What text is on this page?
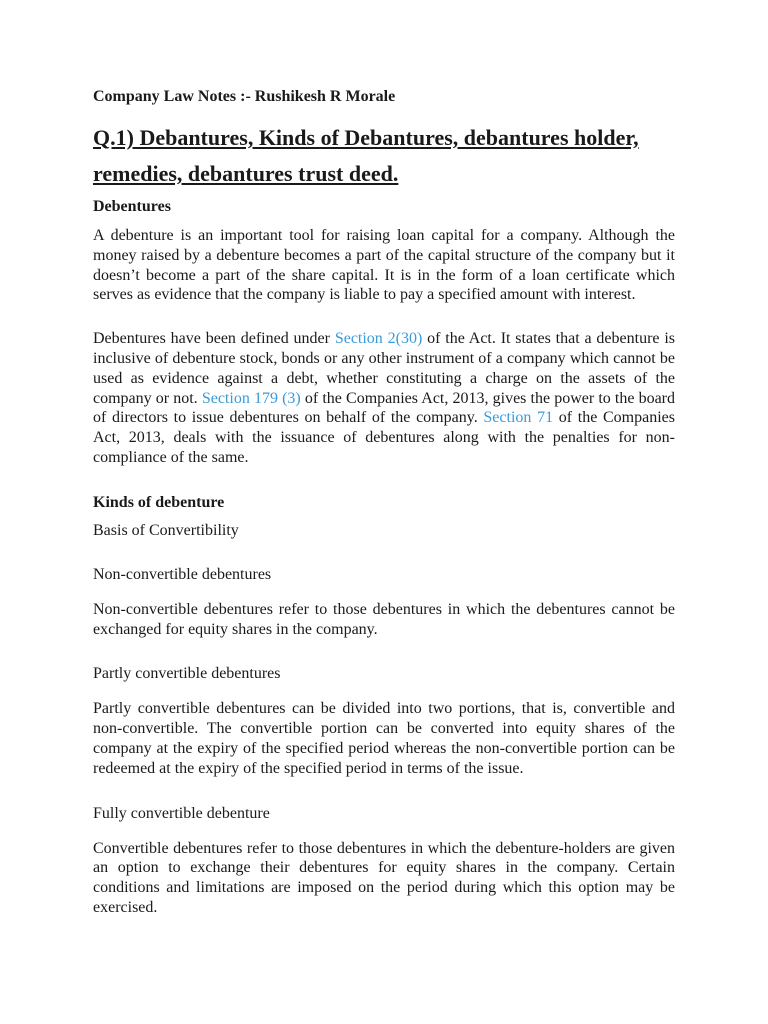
Company Law Notes :- Rushikesh R Morale
Q.1) Debantures, Kinds of Debantures, debantures holder,
remedies, debantures trust deed.
Debentures

A debenture is an important tool for raising loan capital for a company. Although the money raised by a debenture becomes a part of the capital structure of the company but it doesn’t become a part of the share capital. It is in the form of a loan certificate which serves as evidence that the company is liable to pay a specified amount with interest.

Debentures have been defined under Section 2(30) of the Act. It states that a debenture is inclusive of debenture stock, bonds or any other instrument of a company which cannot be used as evidence against a debt, whether constituting a charge on the assets of the company or not. Section 179 (3) of the Companies Act, 2013, gives the power to the board of directors to issue debentures on behalf of the company. Section 71 of the Companies Act, 2013, deals with the issuance of debentures along with the penalties for non-compliance of the same.

Kinds of debenture
Basis of Convertibility
Non-convertible debentures

Non-convertible debentures refer to those debentures in which the debentures cannot be exchanged for equity shares in the company.

Partly convertible debentures

Partly convertible debentures can be divided into two portions, that is, convertible and non-convertible. The convertible portion can be converted into equity shares of the company at the expiry of the specified period whereas the non-convertible portion can be redeemed at the expiry of the specified period in terms of the issue.

Fully convertible debenture

Convertible debentures refer to those debentures in which the debenture-holders are given an option to exchange their debentures for equity shares in the company. Certain conditions and limitations are imposed on the period during which this option may be exercised.
